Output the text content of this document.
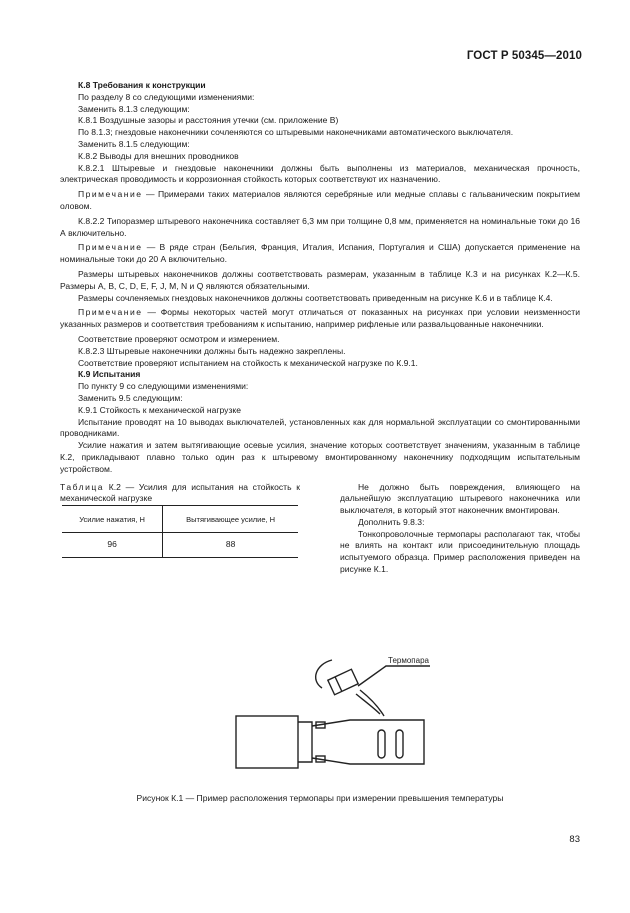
ГОСТ Р 50345—2010

К.8 Требования к конструкции

По разделу 8 со следующими изменениями:

Заменить 8.1.3 следующим:

К.8.1 Воздушные зазоры и расстояния утечки (см. приложение В)

По 8.1.3; гнездовые наконечники сочленяются со штыревыми наконечниками автоматического выключателя.

Заменить 8.1.5 следующим:

К.8.2 Выводы для внешних проводников

К.8.2.1 Штыревые и гнездовые наконечники должны быть выполнены из материалов, механическая прочность, электрическая проводимость и коррозионная стойкость которых соответствуют их назначению.

Примечание — Примерами таких материалов являются серебряные или медные сплавы с гальваническим покрытием оловом.

К.8.2.2 Типоразмер штыревого наконечника составляет 6,3 мм при толщине 0,8 мм, применяется на номинальные токи до 16 А включительно.

Примечание — В ряде стран (Бельгия, Франция, Италия, Испания, Португалия и США) допускается применение на номинальные токи до 20 А включительно.

Размеры штыревых наконечников должны соответствовать размерам, указанным в таблице К.3 и на рисунках К.2—К.5. Размеры A, B, C, D, E, F, J, M, N и Q являются обязательными.

Размеры сочленяемых гнездовых наконечников должны соответствовать приведенным на рисунке К.6 и в таблице К.4.

Примечание — Формы некоторых частей могут отличаться от показанных на рисунках при условии неизменности указанных размеров и соответствия требованиям к испытанию, например рифленые или развальцованные наконечники.

Соответствие проверяют осмотром и измерением.

К.8.2.3 Штыревые наконечники должны быть надежно закреплены.

Соответствие проверяют испытанием на стойкость к механической нагрузке по К.9.1.

К.9 Испытания

По пункту 9 со следующими изменениями:

Заменить 9.5 следующим:

К.9.1 Стойкость к механической нагрузке

Испытание проводят на 10 выводах выключателей, установленных как для нормальной эксплуатации со смонтированными проводниками.

Усилие нажатия и затем вытягивающие осевые усилия, значение которых соответствует значениям, указанным в таблице К.2, прикладывают плавно только один раз к штыревому вмонтированному наконечнику подходящим испытательным устройством.

Таблица К.2 — Усилия для испытания на стойкость к механической нагрузке

Усилие нажатия, Н	Вытягивающее усилие, Н
96	88

Не должно быть повреждения, влияющего на дальнейшую эксплуатацию штыревого наконечника или выключателя, в который этот наконечник вмонтирован.

Дополнить 9.8.3:

Тонкопроволочные термопары располагают так, чтобы не влиять на контакт или присоединительную площадь испытуемого образца. Пример расположения приведен на рисунке К.1.

Термопара

Рисунок К.1 — Пример расположения термопары при измерении превышения температуры

83
